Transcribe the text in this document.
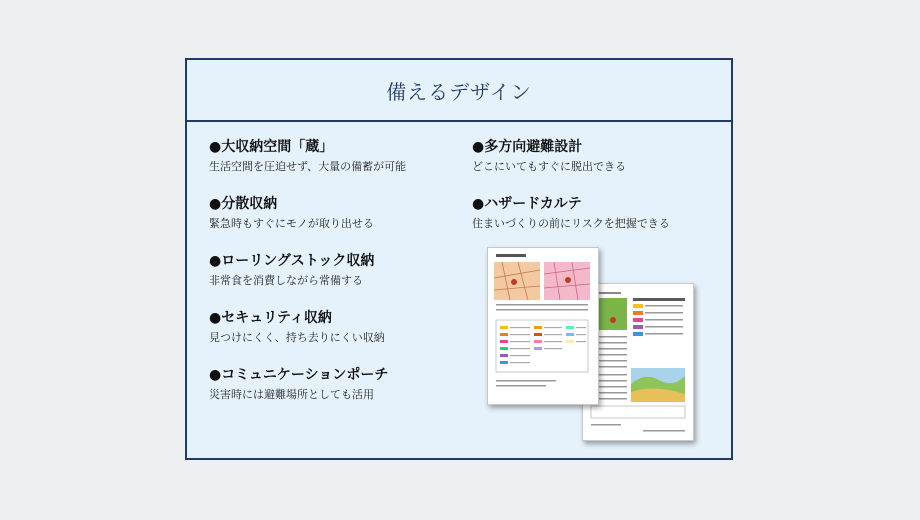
備えるデザイン
●大収納空間「蔵」
生活空間を圧迫せず、大量の備蓄が可能
●分散収納
緊急時もすぐにモノが取り出せる
●ローリングストック収納
非常食を消費しながら常備する
●セキュリティ収納
見つけにくく、持ち去りにくい収納
●コミュニケーションポーチ
災害時には避難場所としても活用
●多方向避難設計
どこにいてもすぐに脱出できる
●ハザードカルテ
住まいづくりの前にリスクを把握できる
